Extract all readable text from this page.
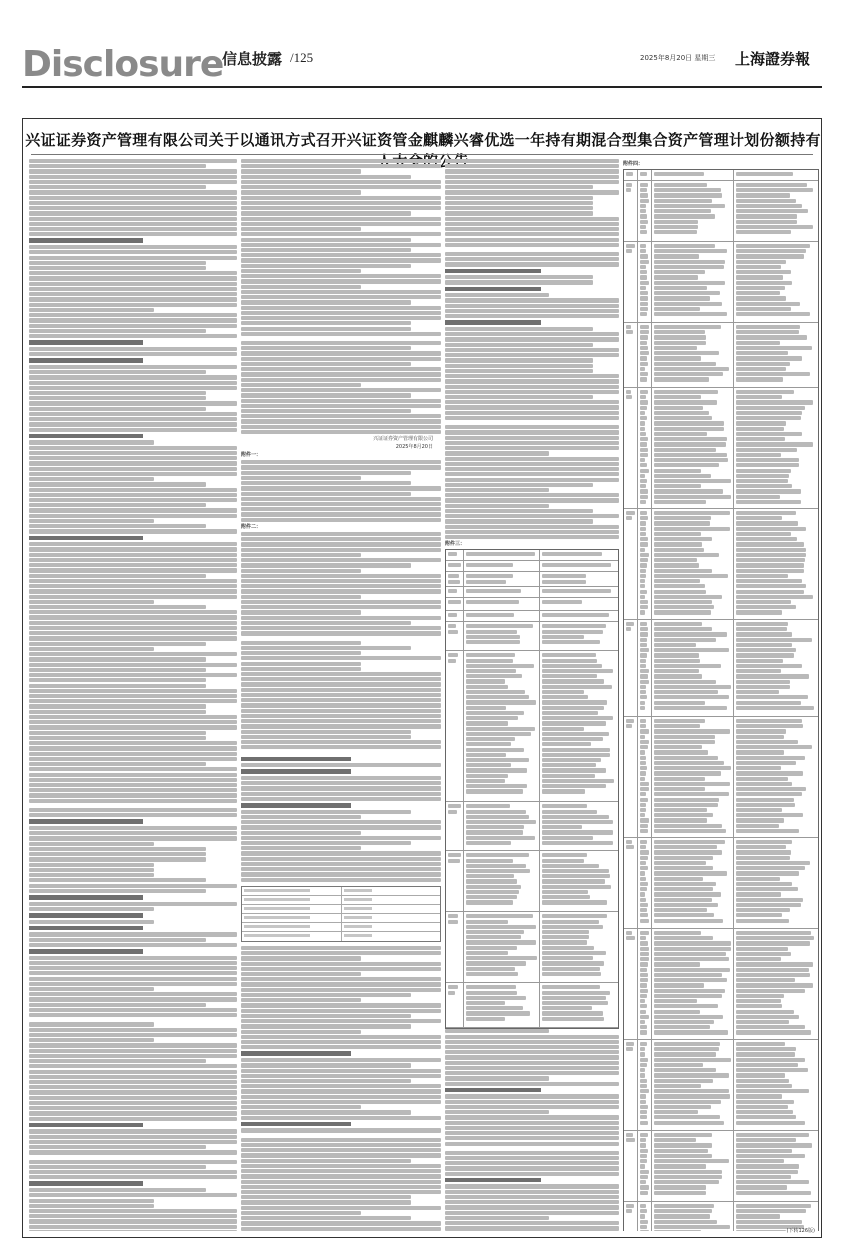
Disclosure
信息披露 /125	2025年8月20日 星期三 上海證券報
兴证证券资产管理有限公司关于以通讯方式召开兴证资管金麒麟兴睿优选一年持有期混合型集合资产管理计划份额持有
兴证证券资产管理有限公司
2025年8月20日
附件一：
附件二：
附件三：
附件四：
(下转126版)
